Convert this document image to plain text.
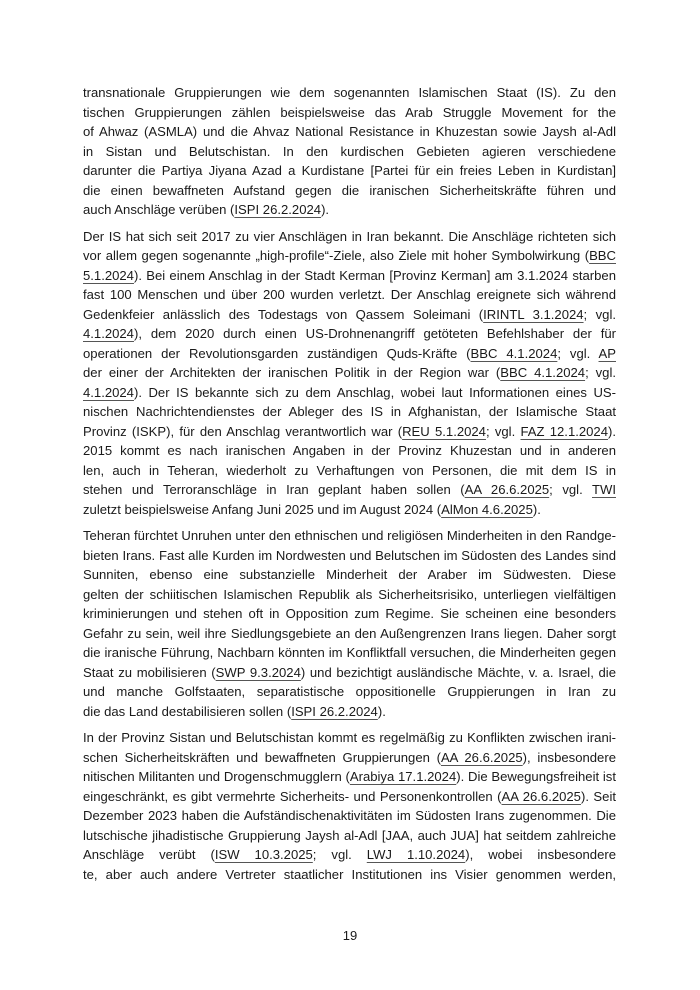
transnationale Gruppierungen wie dem sogenannten Islamischen Staat (IS). Zu den
tischen Gruppierungen zählen beispielsweise das Arab Struggle Movement for the
of Ahwaz (ASMLA) und die Ahvaz National Resistance in Khuzestan sowie Jaysh al-Adl
in Sistan und Belutschistan. In den kurdischen Gebieten agieren verschiedene
darunter die Partiya Jiyana Azad a Kurdistane [Partei für ein freies Leben in Kurdistan]
die einen bewaffneten Aufstand gegen die iranischen Sicherheitskräfte führen und
auch Anschläge verüben (ISPI 26.2.2024).
Der IS hat sich seit 2017 zu vier Anschlägen in Iran bekannt. Die Anschläge richteten sich
vor allem gegen sogenannte „high-profile“-Ziele, also Ziele mit hoher Symbolwirkung (BBC
5.1.2024). Bei einem Anschlag in der Stadt Kerman [Provinz Kerman] am 3.1.2024 starben
fast 100 Menschen und über 200 wurden verletzt. Der Anschlag ereignete sich während
Gedenkfeier anlässlich des Todestags von Qassem Soleimani (IRINTL 3.1.2024; vgl.
4.1.2024), dem 2020 durch einen US-Drohnenangriff getöteten Befehlshaber der für
operationen der Revolutionsgarden zuständigen Quds-Kräfte (BBC 4.1.2024; vgl. AP
der einer der Architekten der iranischen Politik in der Region war (BBC 4.1.2024; vgl.
4.1.2024). Der IS bekannte sich zu dem Anschlag, wobei laut Informationen eines US-
nischen Nachrichtendienstes der Ableger des IS in Afghanistan, der Islamische Staat
Provinz (ISKP), für den Anschlag verantwortlich war (REU 5.1.2024; vgl. FAZ 12.1.2024).
2015 kommt es nach iranischen Angaben in der Provinz Khuzestan und in anderen
len, auch in Teheran, wiederholt zu Verhaftungen von Personen, die mit dem IS in
stehen und Terroranschläge in Iran geplant haben sollen (AA 26.6.2025; vgl. TWI
zuletzt beispielsweise Anfang Juni 2025 und im August 2024 (AlMon 4.6.2025).
Teheran fürchtet Unruhen unter den ethnischen und religiösen Minderheiten in den Randge-
bieten Irans. Fast alle Kurden im Nordwesten und Belutschen im Südosten des Landes sind
Sunniten, ebenso eine substanzielle Minderheit der Araber im Südwesten. Diese
gelten der schiitischen Islamischen Republik als Sicherheitsrisiko, unterliegen vielfältigen
kriminierungen und stehen oft in Opposition zum Regime. Sie scheinen eine besonders
Gefahr zu sein, weil ihre Siedlungsgebiete an den Außengrenzen Irans liegen. Daher sorgt
die iranische Führung, Nachbarn könnten im Konfliktfall versuchen, die Minderheiten gegen
Staat zu mobilisieren (SWP 9.3.2024) und bezichtigt ausländische Mächte, v. a. Israel, die
und manche Golfstaaten, separatistische oppositionelle Gruppierungen in Iran zu
die das Land destabilisieren sollen (ISPI 26.2.2024).
In der Provinz Sistan und Belutschistan kommt es regelmäßig zu Konflikten zwischen irani-
schen Sicherheitskräften und bewaffneten Gruppierungen (AA 26.6.2025), insbesondere
nitischen Militanten und Drogenschmugglern (Arabiya 17.1.2024). Die Bewegungsfreiheit ist
eingeschränkt, es gibt vermehrte Sicherheits- und Personenkontrollen (AA 26.6.2025). Seit
Dezember 2023 haben die Aufständischenaktivitäten im Südosten Irans zugenommen. Die
lutschische jihadistische Gruppierung Jaysh al-Adl [JAA, auch JUA] hat seitdem zahlreiche
Anschläge verübt (ISW 10.3.2025; vgl. LWJ 1.10.2024), wobei insbesondere
te, aber auch andere Vertreter staatlicher Institutionen ins Visier genommen werden,
19
